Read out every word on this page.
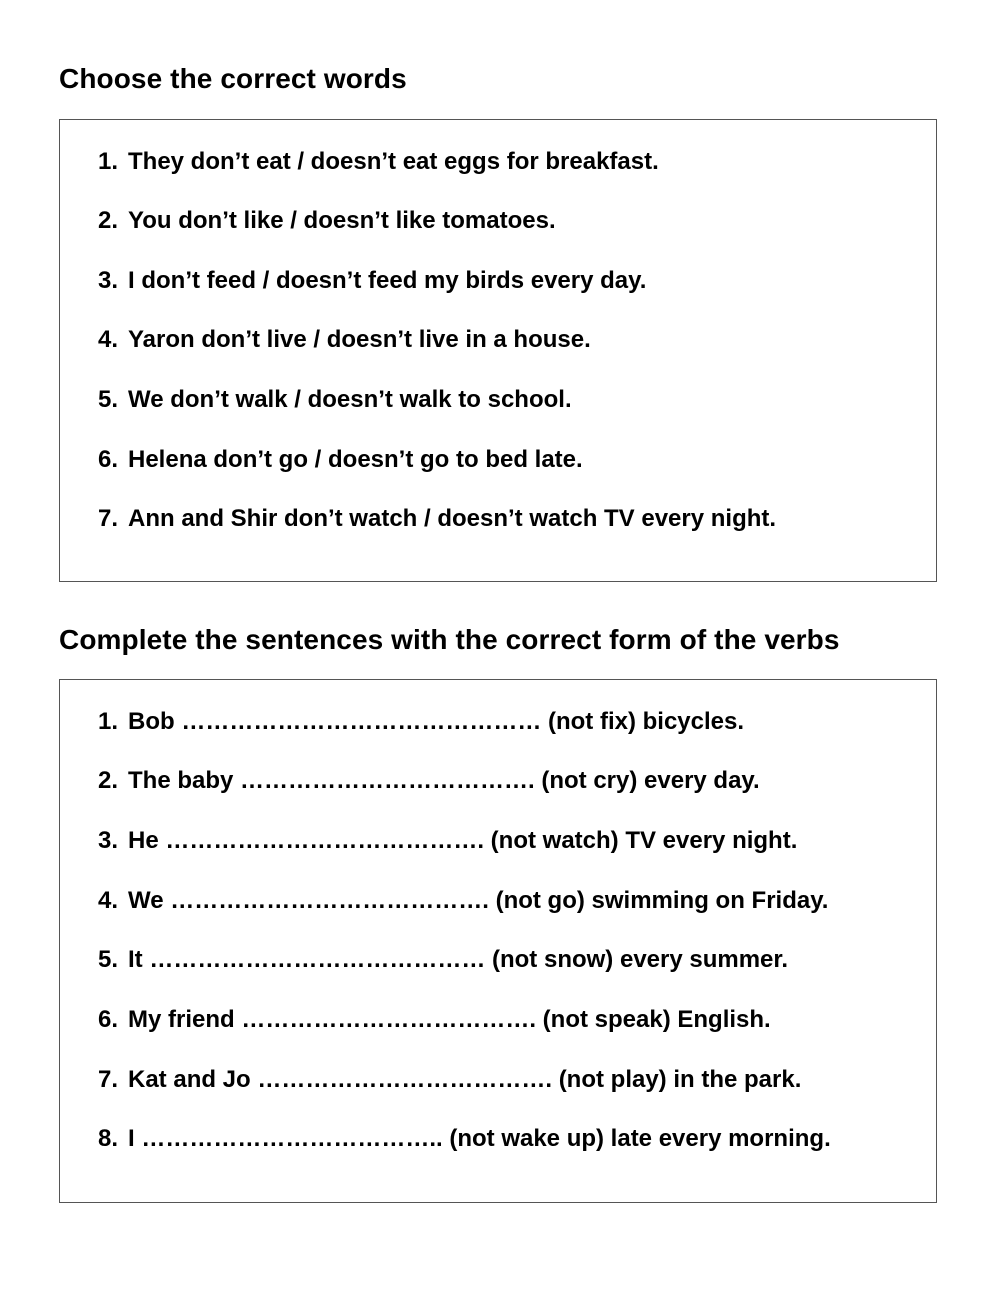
Choose the correct words
1. They don’t eat / doesn’t eat eggs for breakfast.
2. You don’t like / doesn’t like tomatoes.
3. I don’t feed / doesn’t feed my birds every day.
4. Yaron don’t live / doesn’t live in a house.
5. We don’t walk / doesn’t walk to school.
6. Helena don’t go / doesn’t go to bed late.
7. Ann and Shir don’t watch / doesn’t watch TV every night.
Complete the sentences with the correct form of the verbs
1. Bob ……………………………………… (not fix) bicycles.
2. The baby ………………………………. (not cry) every day.
3. He …………………………………. (not watch) TV every night.
4. We …………………………………. (not go) swimming on Friday.
5. It …………………………………… (not snow) every summer.
6. My friend ………………………………. (not speak) English.
7. Kat and Jo ………………………………. (not play) in the park.
8. I ……………………………….. (not wake up) late every morning.
